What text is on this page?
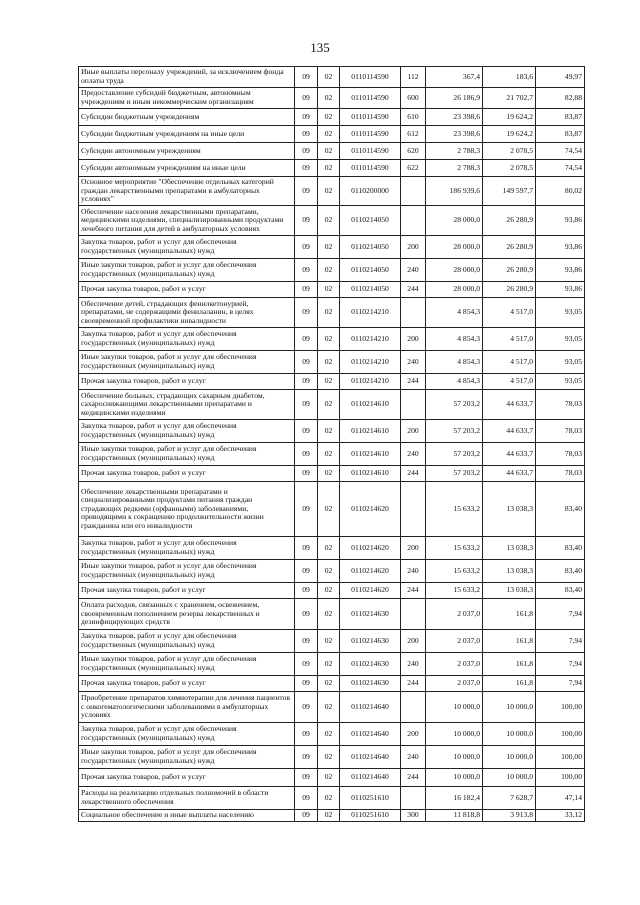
135
Иные выплаты персоналу учреждений, за исключением фонда оплаты труда	09	02	0110114590	112	367,4	183,6	49,97
Предоставление субсидий бюджетным, автономным учреждениям и иным некоммерческим организациям	09	02	0110114590	600	26 186,9	21 702,7	82,88
Субсидии бюджетным учреждениям	09	02	0110114590	610	23 398,6	19 624,2	83,87
Субсидии бюджетным учреждениям на иные цели	09	02	0110114590	612	23 398,6	19 624,2	83,87
Субсидии автономным учреждениям	09	02	0110114590	620	2 788,3	2 078,5	74,54
Субсидии автономным учреждениям на иные цели	09	02	0110114590	622	2 788,3	2 078,5	74,54
Основное мероприятие "Обеспечение отдельных категорий граждан лекарственными препаратами в амбулаторных условиях"	09	02	0110200000		186 939,6	149 597,7	80,02
Обеспечение населения лекарственными препаратами, медицинскими изделиями, специализированными продуктами лечебного питания для детей в амбулаторных условиях	09	02	0110214050		28 000,0	26 280,9	93,86
Закупка товаров, работ и услуг для обеспечения государственных (муниципальных) нужд	09	02	0110214050	200	28 000,0	26 280,9	93,86
Иные закупки товаров, работ и услуг для обеспечения государственных (муниципальных) нужд	09	02	0110214050	240	28 000,0	26 280,9	93,86
Прочая закупка товаров, работ и услуг	09	02	0110214050	244	28 000,0	26 280,9	93,86
Обеспечение детей, страдающих фенилкетонурией, препаратами, не содержащими фенилаланин, в целях своевременной профилактики инвалидности	09	02	0110214210		4 854,3	4 517,0	93,05
Закупка товаров, работ и услуг для обеспечения государственных (муниципальных) нужд	09	02	0110214210	200	4 854,3	4 517,0	93,05
Иные закупки товаров, работ и услуг для обеспечения государственных (муниципальных) нужд	09	02	0110214210	240	4 854,3	4 517,0	93,05
Прочая закупка товаров, работ и услуг	09	02	0110214210	244	4 854,3	4 517,0	93,05
Обеспечение больных, страдающих сахарным диабетом, сахароснижающими лекарственными препаратами и медицинскими изделиями	09	02	0110214610		57 203,2	44 633,7	78,03
Закупка товаров, работ и услуг для обеспечения государственных (муниципальных) нужд	09	02	0110214610	200	57 203,2	44 633,7	78,03
Иные закупки товаров, работ и услуг для обеспечения государственных (муниципальных) нужд	09	02	0110214610	240	57 203,2	44 633,7	78,03
Прочая закупка товаров, работ и услуг	09	02	0110214610	244	57 203,2	44 633,7	78,03
Обеспечение лекарственными препаратами и специализированными продуктами питания граждан страдающих редкими (орфанными) заболеваниями, приводящими к сокращению продолжительности жизни гражданина или его инвалидности	09	02	0110214620		15 633,2	13 038,3	83,40
Закупка товаров, работ и услуг для обеспечения государственных (муниципальных) нужд	09	02	0110214620	200	15 633,2	13 038,3	83,40
Иные закупки товаров, работ и услуг для обеспечения государственных (муниципальных) нужд	09	02	0110214620	240	15 633,2	13 038,3	83,40
Прочая закупка товаров, работ и услуг	09	02	0110214620	244	15 633,2	13 038,3	83,40
Оплата расходов, связанных с хранением, освежением, своевременным пополнением резерва лекарственных и дезинфицирующих средств	09	02	0110214630		2 037,0	161,8	7,94
Закупка товаров, работ и услуг для обеспечения государственных (муниципальных) нужд	09	02	0110214630	200	2 037,0	161,8	7,94
Иные закупки товаров, работ и услуг для обеспечения государственных (муниципальных) нужд	09	02	0110214630	240	2 037,0	161,8	7,94
Прочая закупка товаров, работ и услуг	09	02	0110214630	244	2 037,0	161,8	7,94
Приобретение препаратов химиотерапии для лечения пациентов с онкогематологическими заболеваниями в амбулаторных условиях	09	02	0110214640		10 000,0	10 000,0	100,00
Закупка товаров, работ и услуг для обеспечения государственных (муниципальных) нужд	09	02	0110214640	200	10 000,0	10 000,0	100,00
Иные закупки товаров, работ и услуг для обеспечения государственных (муниципальных) нужд	09	02	0110214640	240	10 000,0	10 000,0	100,00
Прочая закупка товаров, работ и услуг	09	02	0110214640	244	10 000,0	10 000,0	100,00
Расходы на реализацию отдельных полномочий в области лекарственного обеспечения	09	02	0110251610		16 182,4	7 628,7	47,14
Социальное обеспечение и иные выплаты населению	09	02	0110251610	300	11 818,8	3 913,8	33,12
